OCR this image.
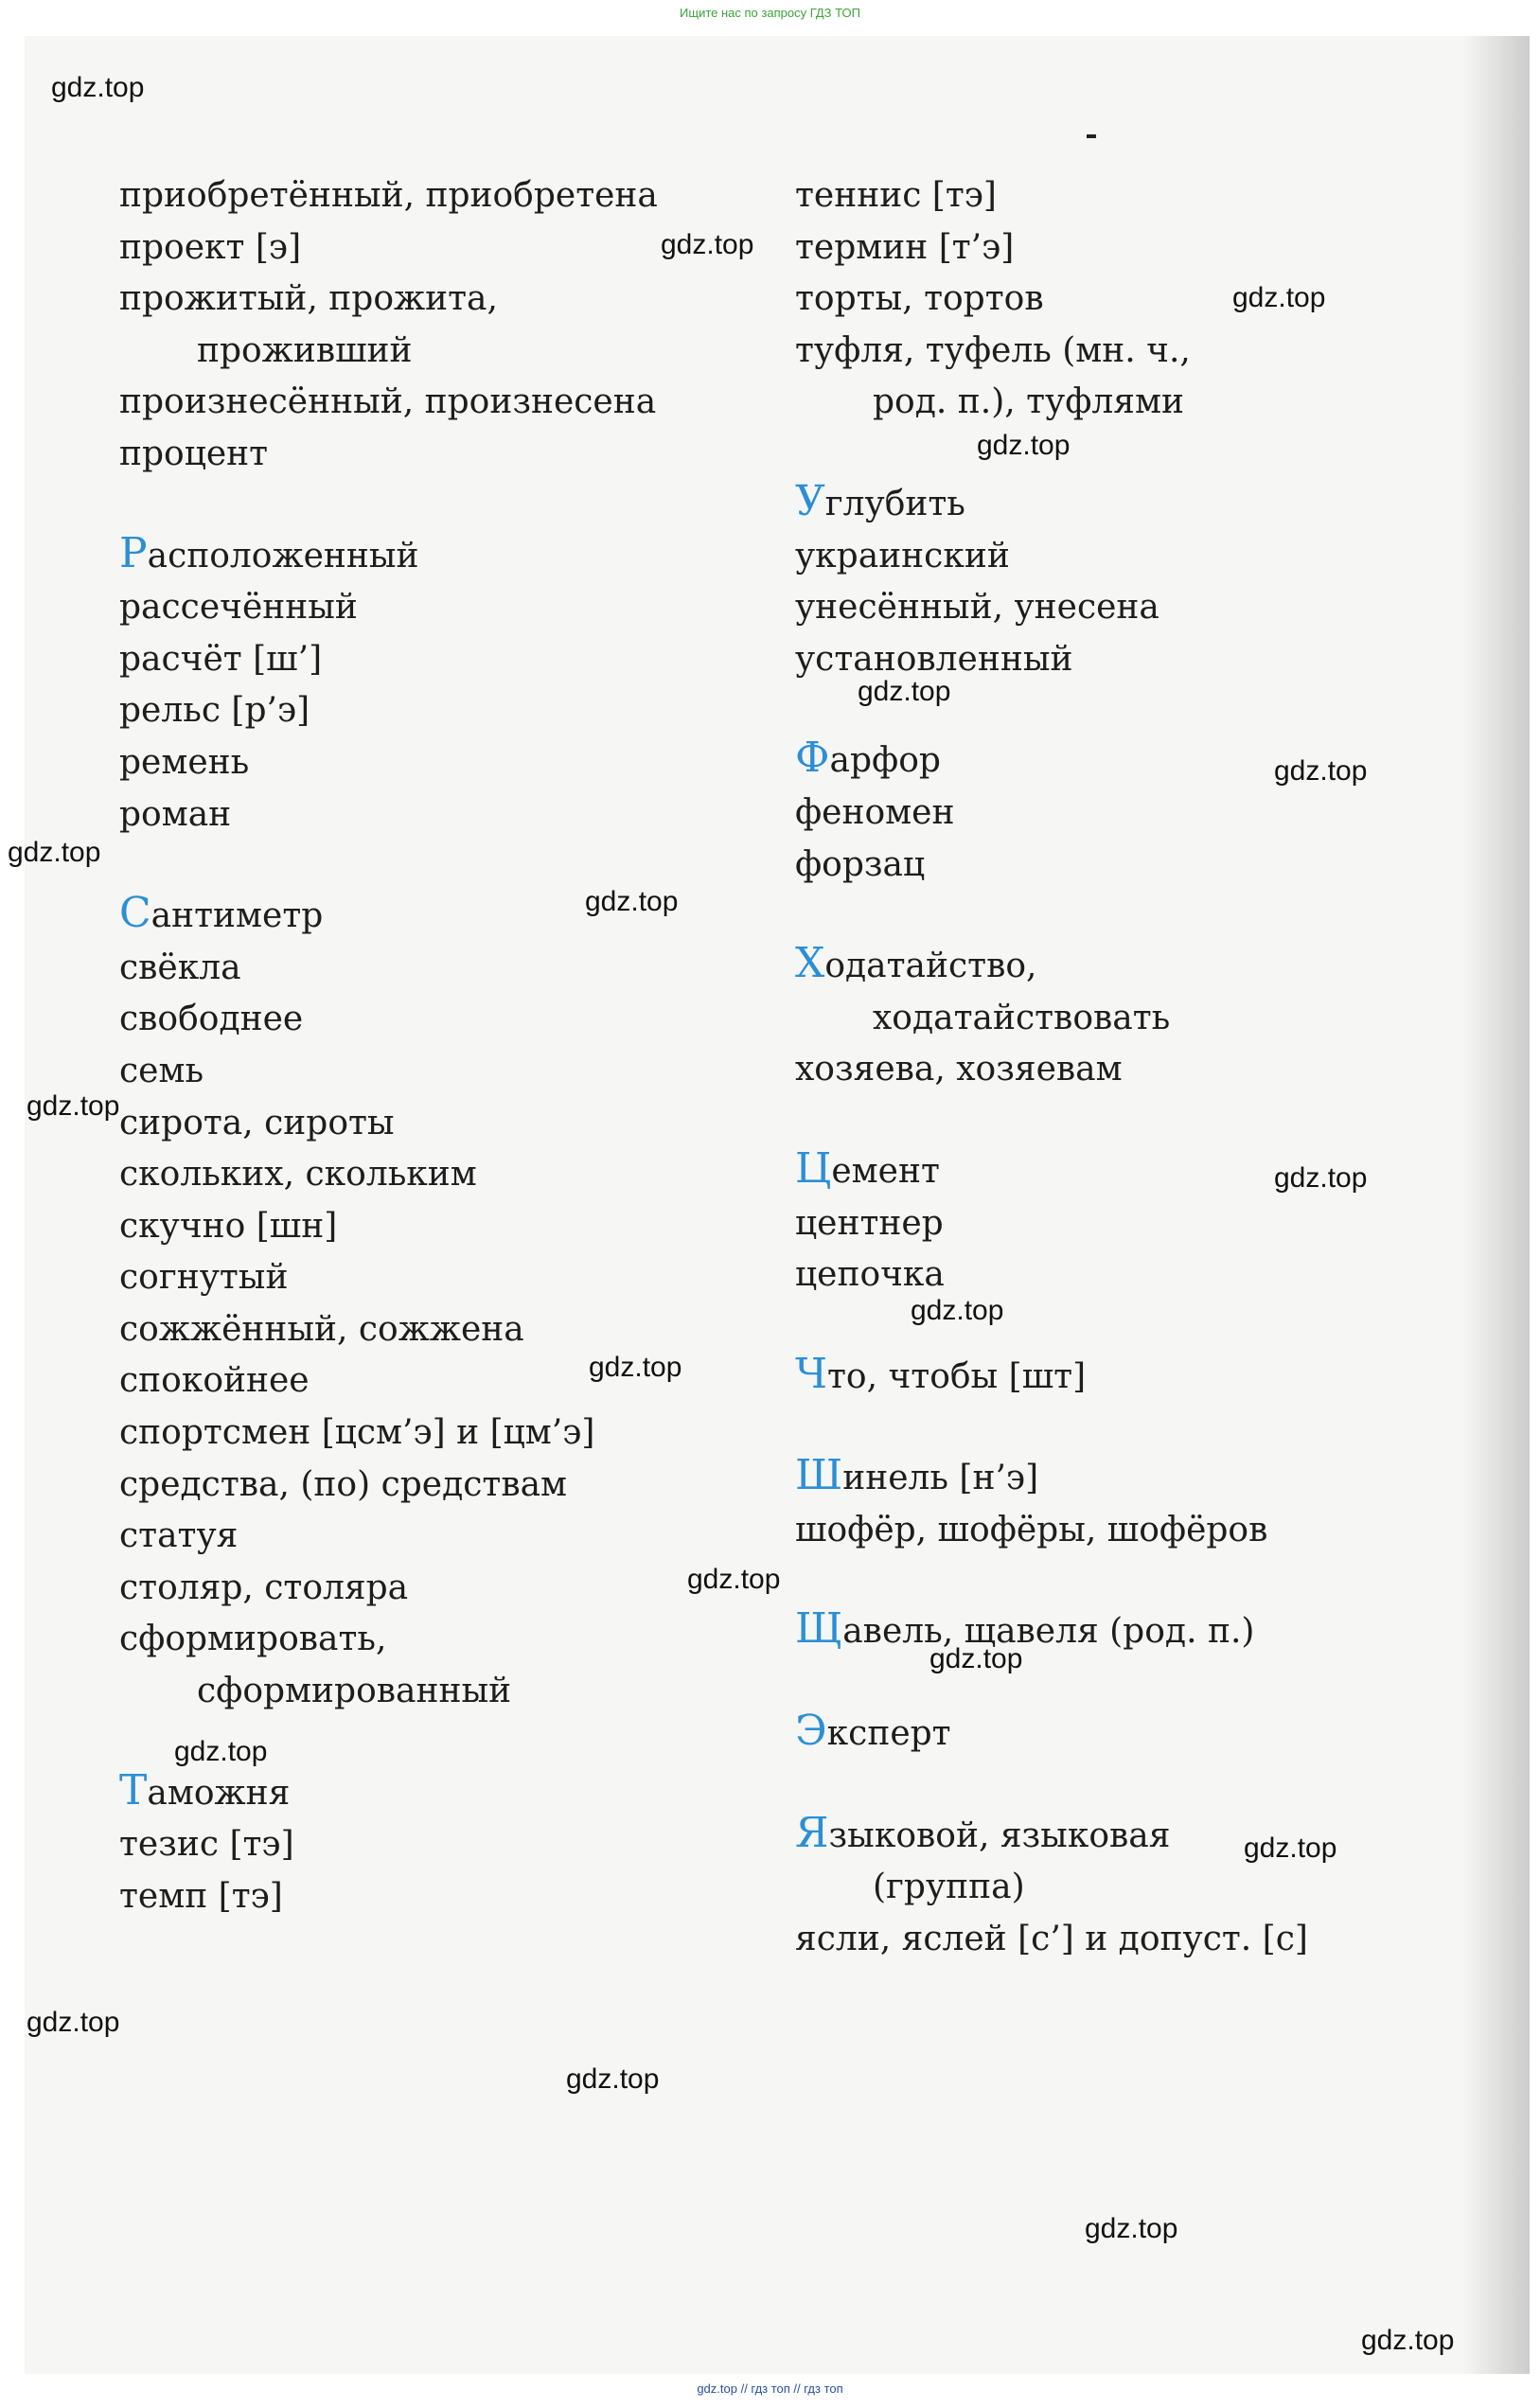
Ищите нас по запросу ГДЗ ТОП
приобретённый, приобретена
проект [э]
прожитый, прожита,
проживший
произнесённый, произнесена
процент
Расположенный
рассечённый
расчёт [ш’]
рельс [р’э]
ремень
роман
Сантиметр
свёкла
свободнее
семь
сирота, сироты
скольких, скольким
скучно [шн]
согнутый
сожжённый, сожжена
спокойнее
спортсмен [цсм’э] и [цм’э]
средства, (по) средствам
статуя
столяр, столяра
сформировать,
сформированный
Таможня
тезис [тэ]
темп [тэ]
теннис [тэ]
термин [т’э]
торты, тортов
туфля, туфель (мн. ч.,
род. п.), туфлями
Углубить
украинский
унесённый, унесена
установленный
Фарфор
феномен
форзац
Ходатайство,
ходатайствовать
хозяева, хозяевам
Цемент
центнер
цепочка
Что, чтобы [шт]
Шинель [н’э]
шофёр, шофёры, шофёров
Щавель, щавеля (род. п.)
Эксперт
Языковой, языковая
(группа)
ясли, яслей [с’] и допуст. [с]
gdz.top
gdz.top
gdz.top
gdz.top
gdz.top
gdz.top
gdz.top
gdz.top
gdz.top
gdz.top
gdz.top
gdz.top
gdz.top
gdz.top
gdz.top
gdz.top
gdz.top
gdz.top
gdz.top
gdz.top
gdz.top // гдз топ // гдз топ
